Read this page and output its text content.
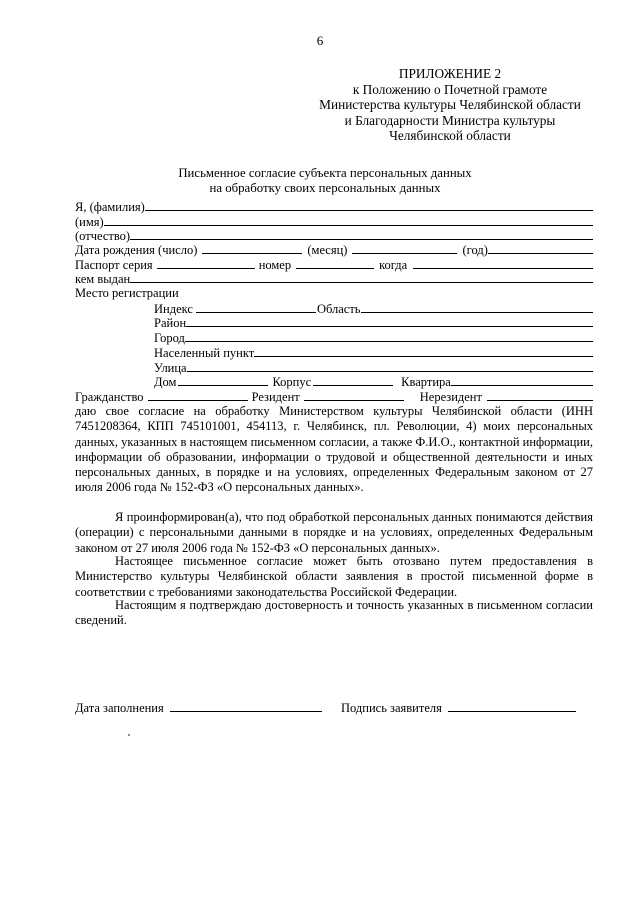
6
ПРИЛОЖЕНИЕ 2
к Положению о Почетной грамоте
Министерства культуры Челябинской области
и Благодарности Министра культуры
Челябинской области
Письменное согласие субъекта персональных данных
на обработку своих персональных данных
Я, (фамилия)
(имя)
(отчество)
Дата рождения (число)	(месяц)	(год)
Паспорт серия	номер	когда
кем выдан
Место регистрации
Индекс	Область
Район
Город
Населенный пункт
Улица
Дом	Корпус	Квартира
Гражданство	Резидент	Нерезидент
даю свое согласие на обработку Министерством культуры Челябинской области (ИНН 7451208364, КПП 745101001, 454113, г. Челябинск, пл. Революции, 4) моих персональных данных, указанных в настоящем письменном согласии, а также Ф.И.О., контактной информации, информации об образовании, информации о трудовой и общественной деятельности и иных персональных данных, в порядке и на условиях, определенных Федеральным законом от 27 июля 2006 года № 152-ФЗ «О персональных данных».

Я проинформирован(а), что под обработкой персональных данных понимаются действия (операции) с персональными данными в порядке и на условиях, определенных Федеральным законом от 27 июля 2006 года № 152-ФЗ «О персональных данных».

Настоящее письменное согласие может быть отозвано путем предоставления в Министерство культуры Челябинской области заявления в простой письменной форме в соответствии с требованиями законодательства Российской Федерации.

Настоящим я подтверждаю достоверность и точность указанных в письменном согласии сведений.

Дата заполнения	Подпись заявителя
